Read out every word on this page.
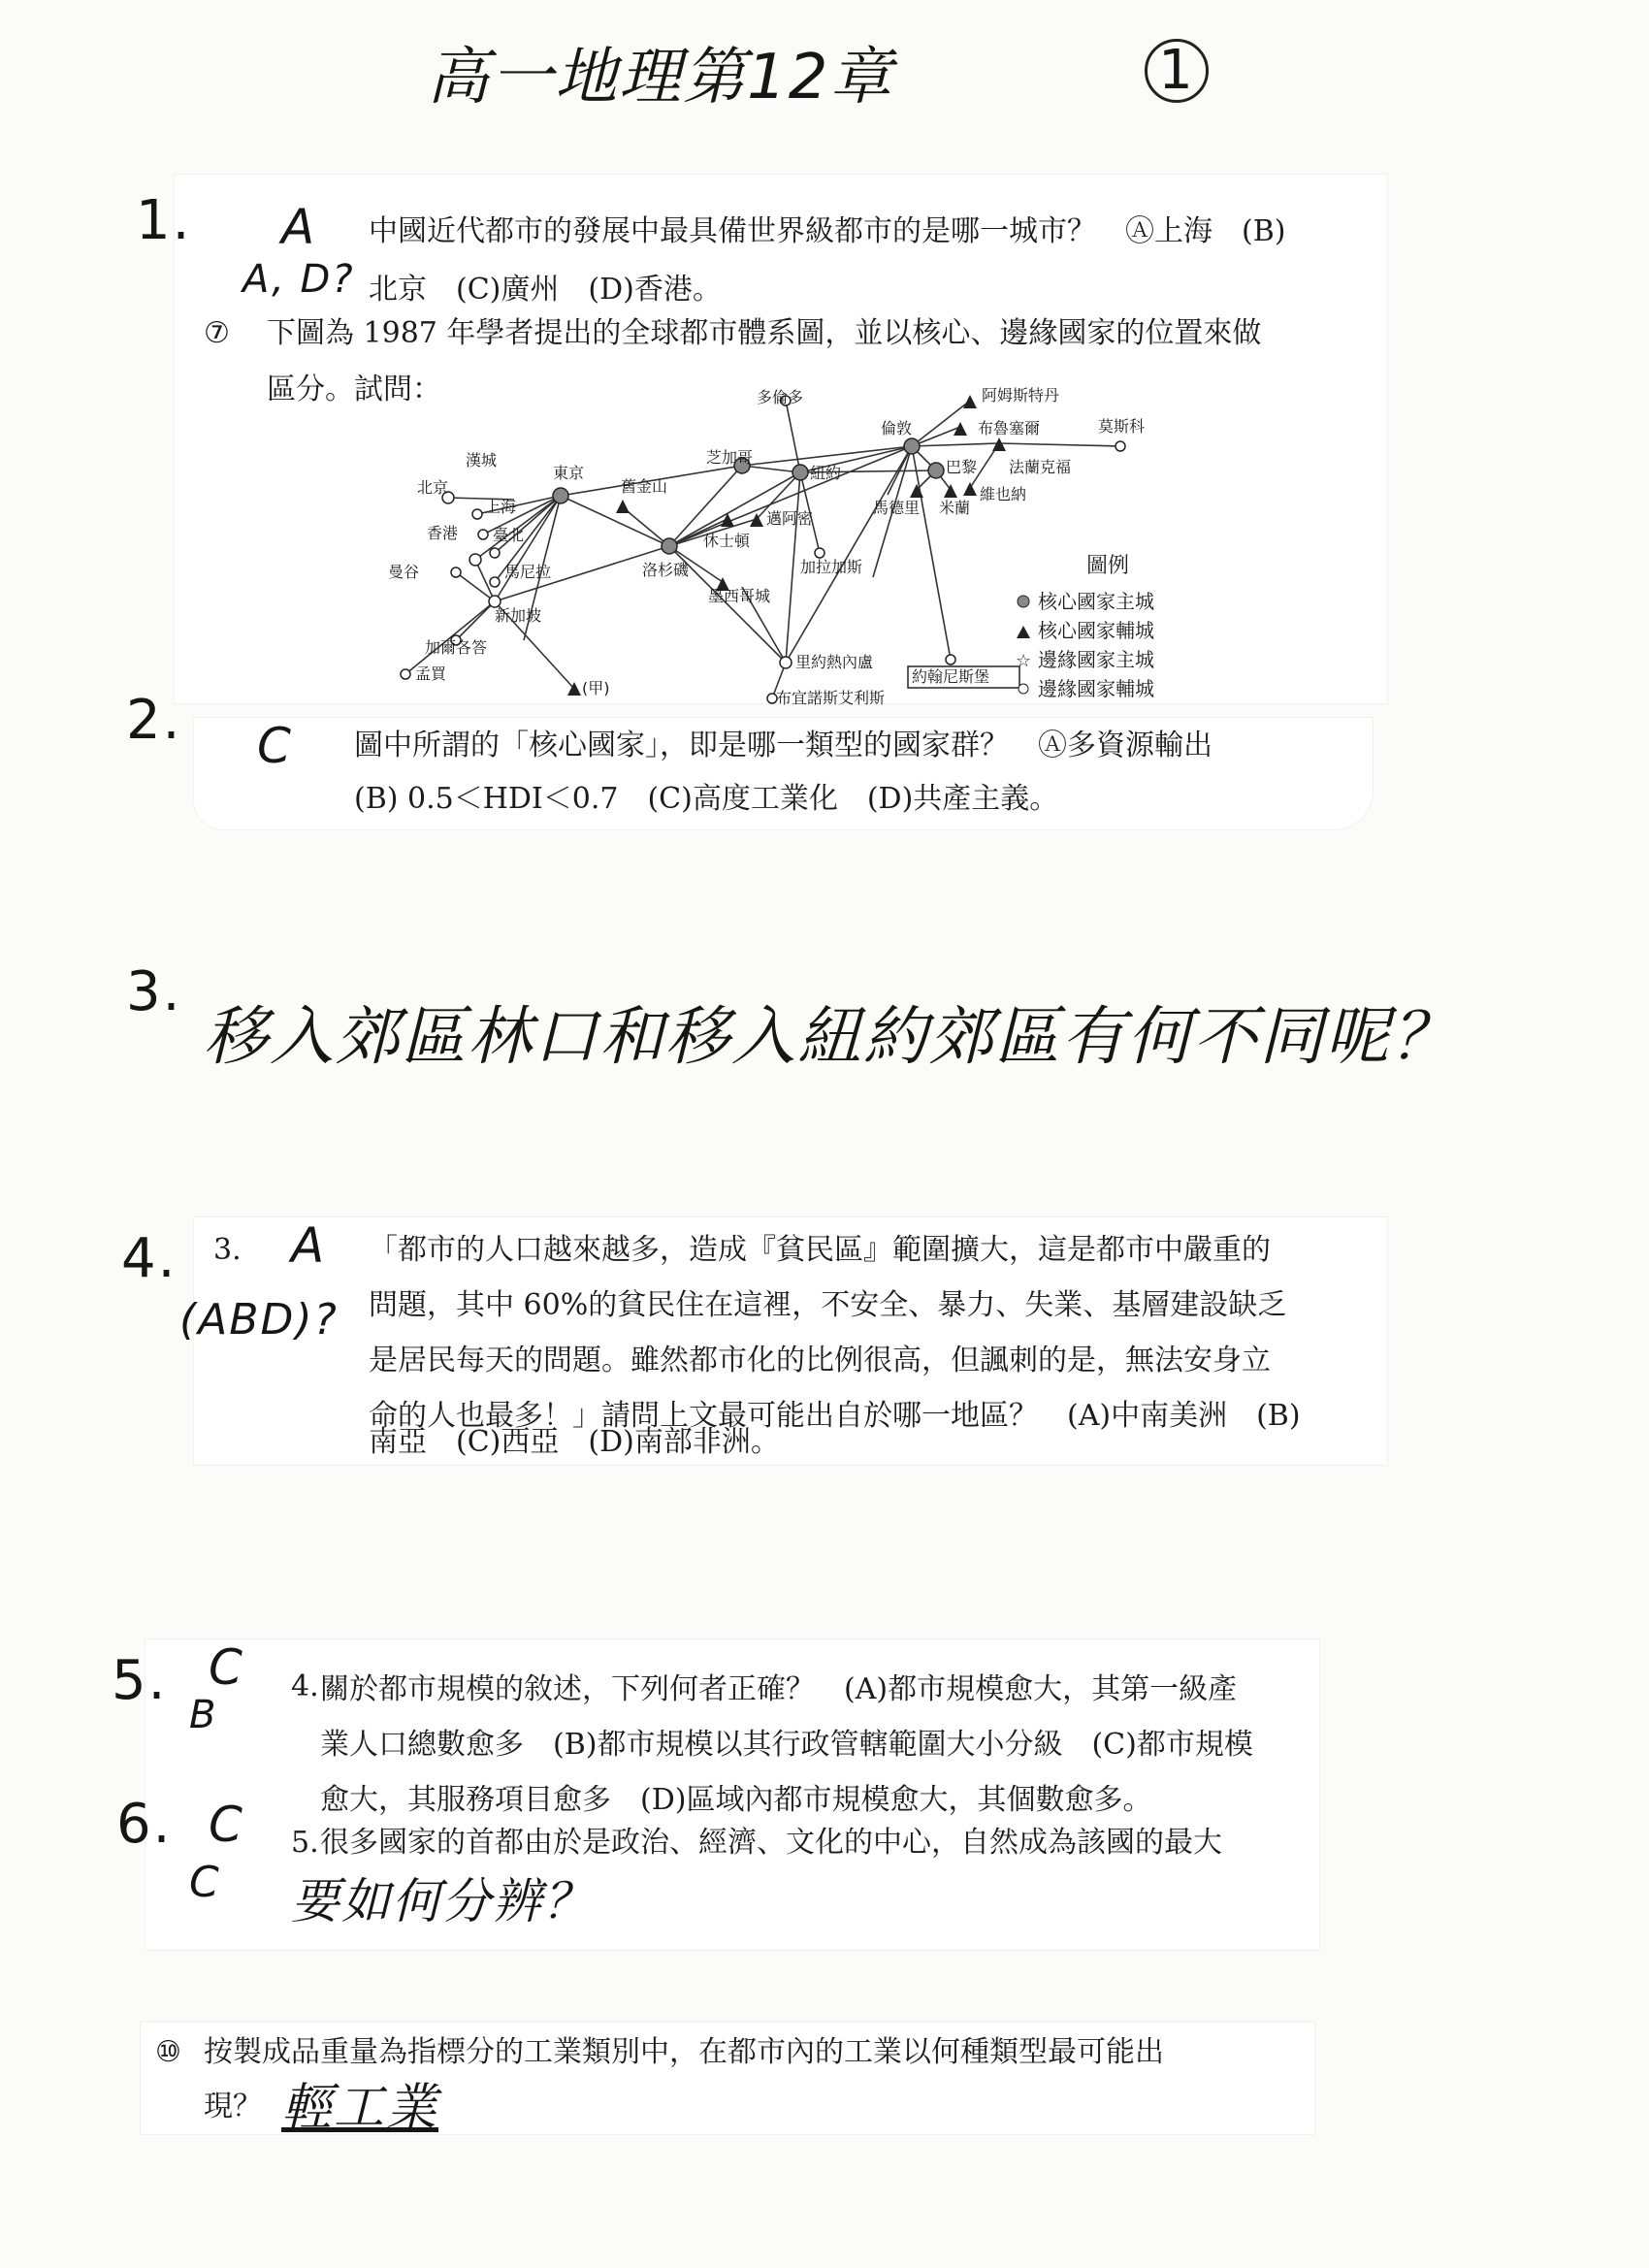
高一地理第12章	1
1. A
A, D?
中國近代都市的發展中最具備世界級都市的是哪一城市？　Ⓐ上海　(B)
北京　(C)廣州　(D)香港。
⑦ 下圖為 1987 年學者提出的全球都市體系圖，並以核心、邊緣國家的位置來做
區分。試問：	多倫多	阿姆斯特丹
布魯塞爾	莫斯科
倫敦
漢城
東京
芝加哥
紐約	巴黎 法蘭克福
北京
上海
舊金山
邁阿密
馬德里 米蘭
維也納
香港 臺北	休士頓
加拉加斯
曼谷	馬尼拉	洛杉磯
墨西哥城
新加坡
加爾各答
里約熱內盧
約翰尼斯堡
孟買
(甲)
布宜諾斯艾利斯
圖例
核心國家主城
核心國家輔城
☆ 邊緣國家主城
邊緣國家輔城
2. C 圖中所謂的「核心國家」，即是哪一類型的國家群？　Ⓐ多資源輸出
(B) 0.5＜HDI＜0.7　(C)高度工業化　(D)共產主義。
3.
移入郊區林口和移入紐約郊區有何不同呢？
4. 3. A
(ABD)?
「都市的人口越來越多，造成『貧民區』範圍擴大，這是都市中嚴重的
問題，其中 60%的貧民住在這裡，不安全、暴力、失業、基層建設缺乏
是居民每天的問題。雖然都市化的比例很高，但諷刺的是，無法安身立
命的人也最多！」請問上文最可能出自於哪一地區？　(A)中南美洲　(B)
南亞　(C)西亞　(D)南部非洲。
5.	4.
C
B
關於都市規模的敘述，下列何者正確？　(A)都市規模愈大，其第一級產
業人口總數愈多　(B)都市規模以其行政管轄範圍大小分級　(C)都市規模
愈大，其服務項目愈多　(D)區域內都市規模愈大，其個數愈多。
6. C 5. 很多國家的首都由於是政治、經濟、文化的中心，自然成為該國的最大
C 要如何分辨？
⑩ 按製成品重量為指標分的工業類別中，在都市內的工業以何種類型最可能出
現？ 輕工業
